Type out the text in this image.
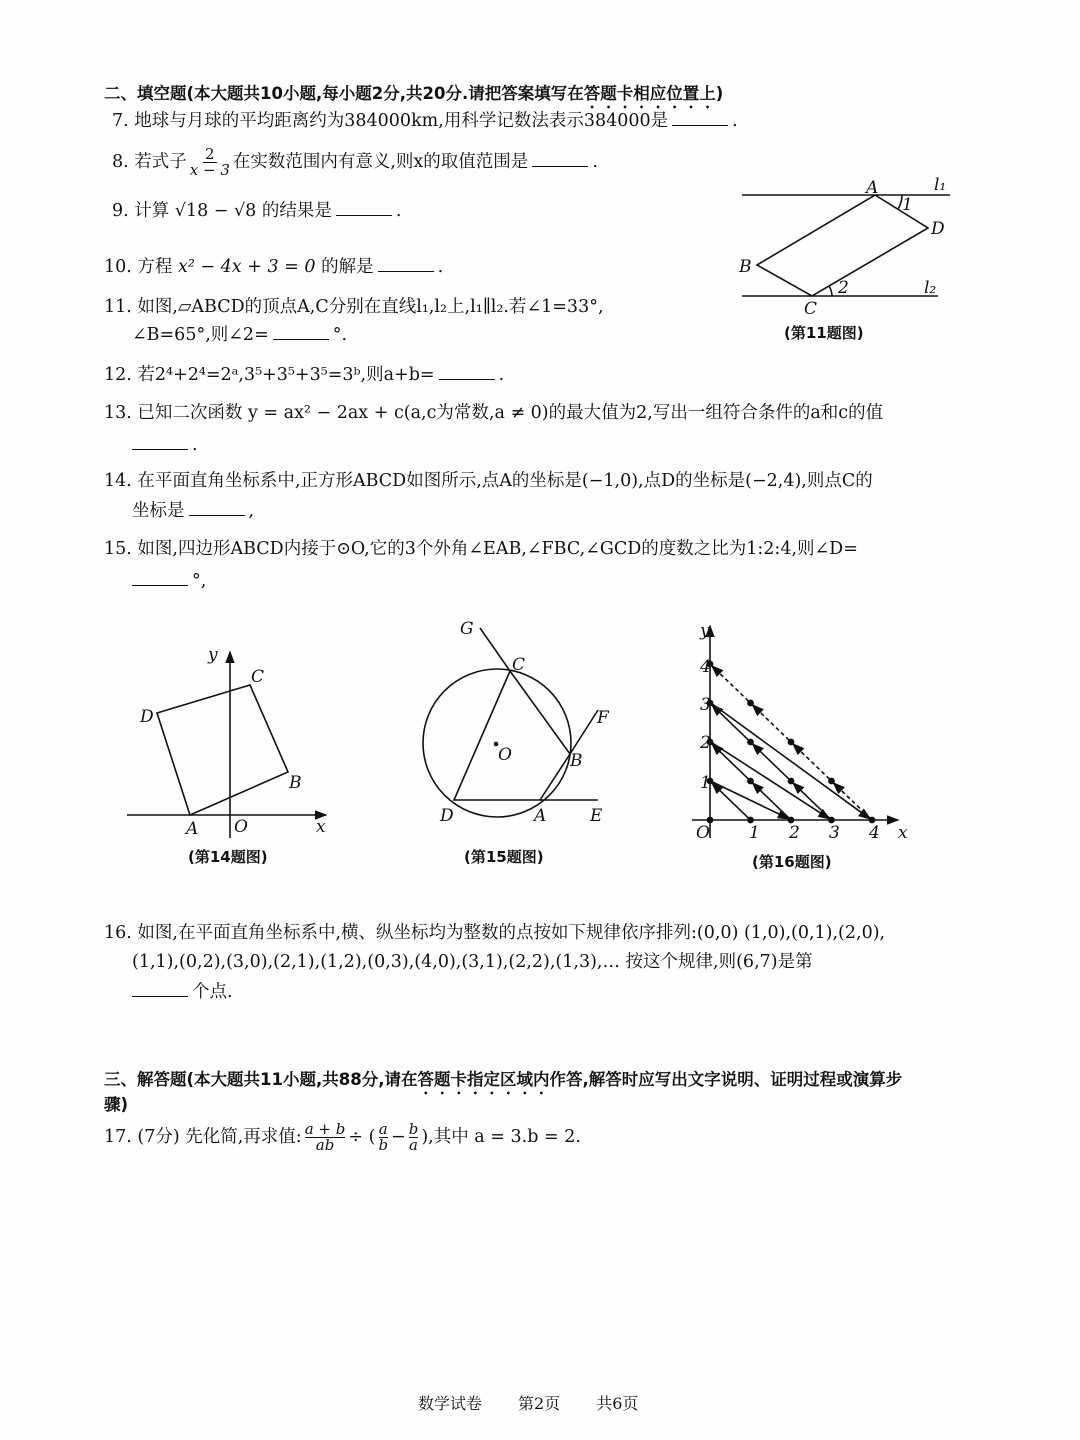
二、填空题(本大题共10小题,每小题2分,共20分.请把答案填写在答题卡相应位置上)
7. 地球与月球的平均距离约为384000km,用科学记数法表示384000是	.
8. 若式子 $\frac{2}{x - 3}$ 在实数范围内有意义,则x的取值范围是	.
9. 计算 √18 − √8 的结果是	.
10. 方程 x² − 4x + 3 = 0 的解是	.
11. 如图,▱ABCD的顶点A,C分别在直线l₁,l₂上,l₁∥l₂.若∠1=33°,
∠B=65°,则∠2=	°.
12. 若2⁴+2⁴=2ᵃ,3⁵+3⁵+3⁵=3ᵇ,则a+b=	.
13. 已知二次函数 y = ax² − 2ax + c(a,c为常数,a ≠ 0)的最大值为2,写出一组符合条件的a和c的值
.
14. 在平面直角坐标系中,正方形ABCD如图所示,点A的坐标是(−1,0),点D的坐标是(−2,4),则点C的
坐标是	,
15. 如图,四边形ABCD内接于⊙O,它的3个外角∠EAB,∠FBC,∠GCD的度数之比为1:2:4,则∠D=
°,
16. 如图,在平面直角坐标系中,横、纵坐标均为整数的点按如下规律依序排列:(0,0) (1,0),(0,1),(2,0),
(1,1),(0,2),(3,0),(2,1),(1,2),(0,3),(4,0),(3,1),(2,2),(1,3),… 按这个规律,则(6,7)是第
个点.
三、解答题(本大题共11小题,共88分,请在答题卡指定区域内作答,解答时应写出文字说明、证明过程或演算步
骤)
17. (7分) 先化简,再求值: $\frac{a + b}{ab}$ ÷ ( $\frac{a}{b} - \frac{b}{a}$ ),其中 a = 3.b = 2.
A	l₁
1
D
B
2	l₂
C
(第11题图)
y
C
D
B
A O	x
(第14题图)
G
C
F
O	B
D	A	E
(第15题图)
y
O	x
1 2 3 4
1
2
3
4
(第16题图)
数学试卷 第2页 共6页
